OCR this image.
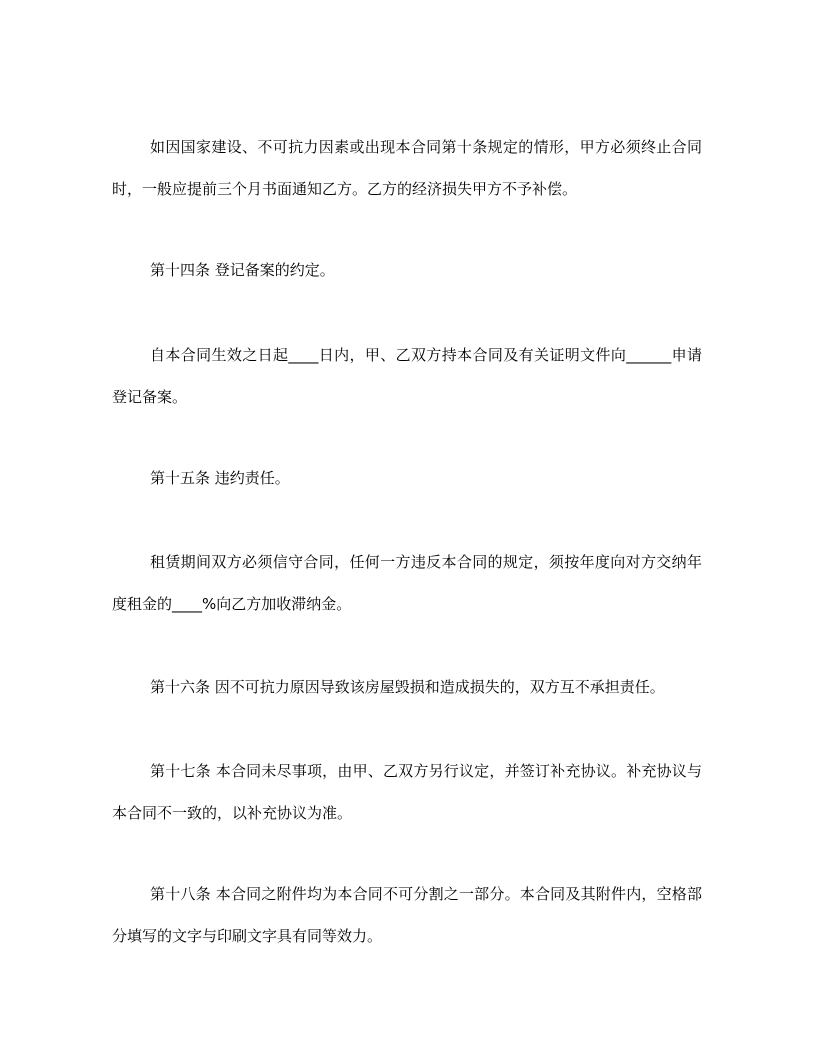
如因国家建设、不可抗力因素或出现本合同第十条规定的情形，甲方必须终止合同时，一般应提前三个月书面通知乙方。乙方的经济损失甲方不予补偿。

第十四条 登记备案的约定。

自本合同生效之日起____日内，甲、乙双方持本合同及有关证明文件向______申请登记备案。

第十五条 违约责任。

租赁期间双方必须信守合同，任何一方违反本合同的规定，须按年度向对方交纳年度租金的____%向乙方加收滞纳金。

第十六条 因不可抗力原因导致该房屋毁损和造成损失的，双方互不承担责任。

第十七条 本合同未尽事项，由甲、乙双方另行议定，并签订补充协议。补充协议与本合同不一致的，以补充协议为准。

第十八条 本合同之附件均为本合同不可分割之一部分。本合同及其附件内，空格部分填写的文字与印刷文字具有同等效力。
